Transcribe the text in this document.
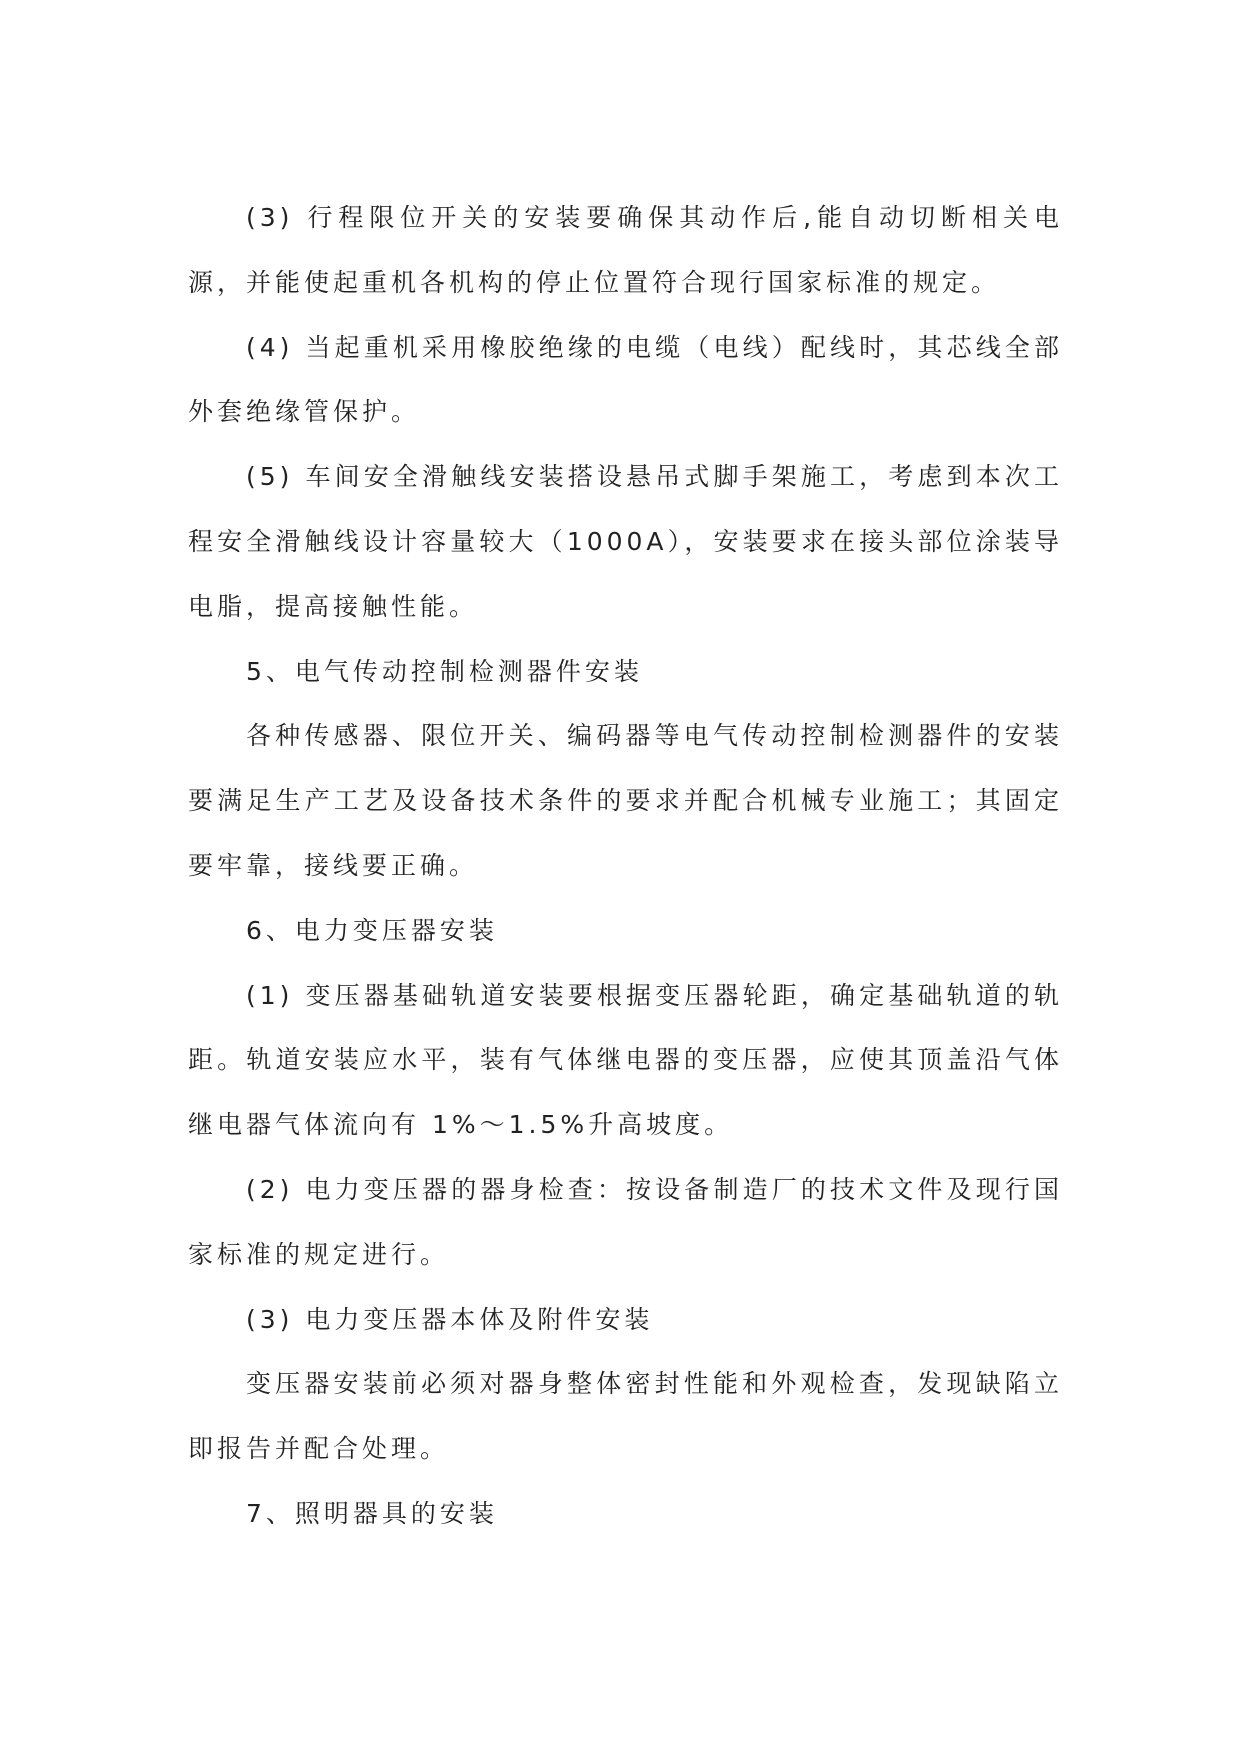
(3) 行程限位开关的安装要确保其动作后,能自动切断相关电源，并能使起重机各机构的停止位置符合现行国家标准的规定。

(4) 当起重机采用橡胶绝缘的电缆（电线）配线时，其芯线全部外套绝缘管保护。

(5) 车间安全滑触线安装搭设悬吊式脚手架施工，考虑到本次工程安全滑触线设计容量较大（1000A），安装要求在接头部位涂装导电脂，提高接触性能。

5、电气传动控制检测器件安装

各种传感器、限位开关、编码器等电气传动控制检测器件的安装要满足生产工艺及设备技术条件的要求并配合机械专业施工；其固定要牢靠，接线要正确。

6、电力变压器安装

(1) 变压器基础轨道安装要根据变压器轮距，确定基础轨道的轨距。轨道安装应水平，装有气体继电器的变压器，应使其顶盖沿气体继电器气体流向有 1%～1.5%升高坡度。

(2) 电力变压器的器身检查：按设备制造厂的技术文件及现行国家标准的规定进行。

(3) 电力变压器本体及附件安装

变压器安装前必须对器身整体密封性能和外观检查，发现缺陷立即报告并配合处理。

7、照明器具的安装
